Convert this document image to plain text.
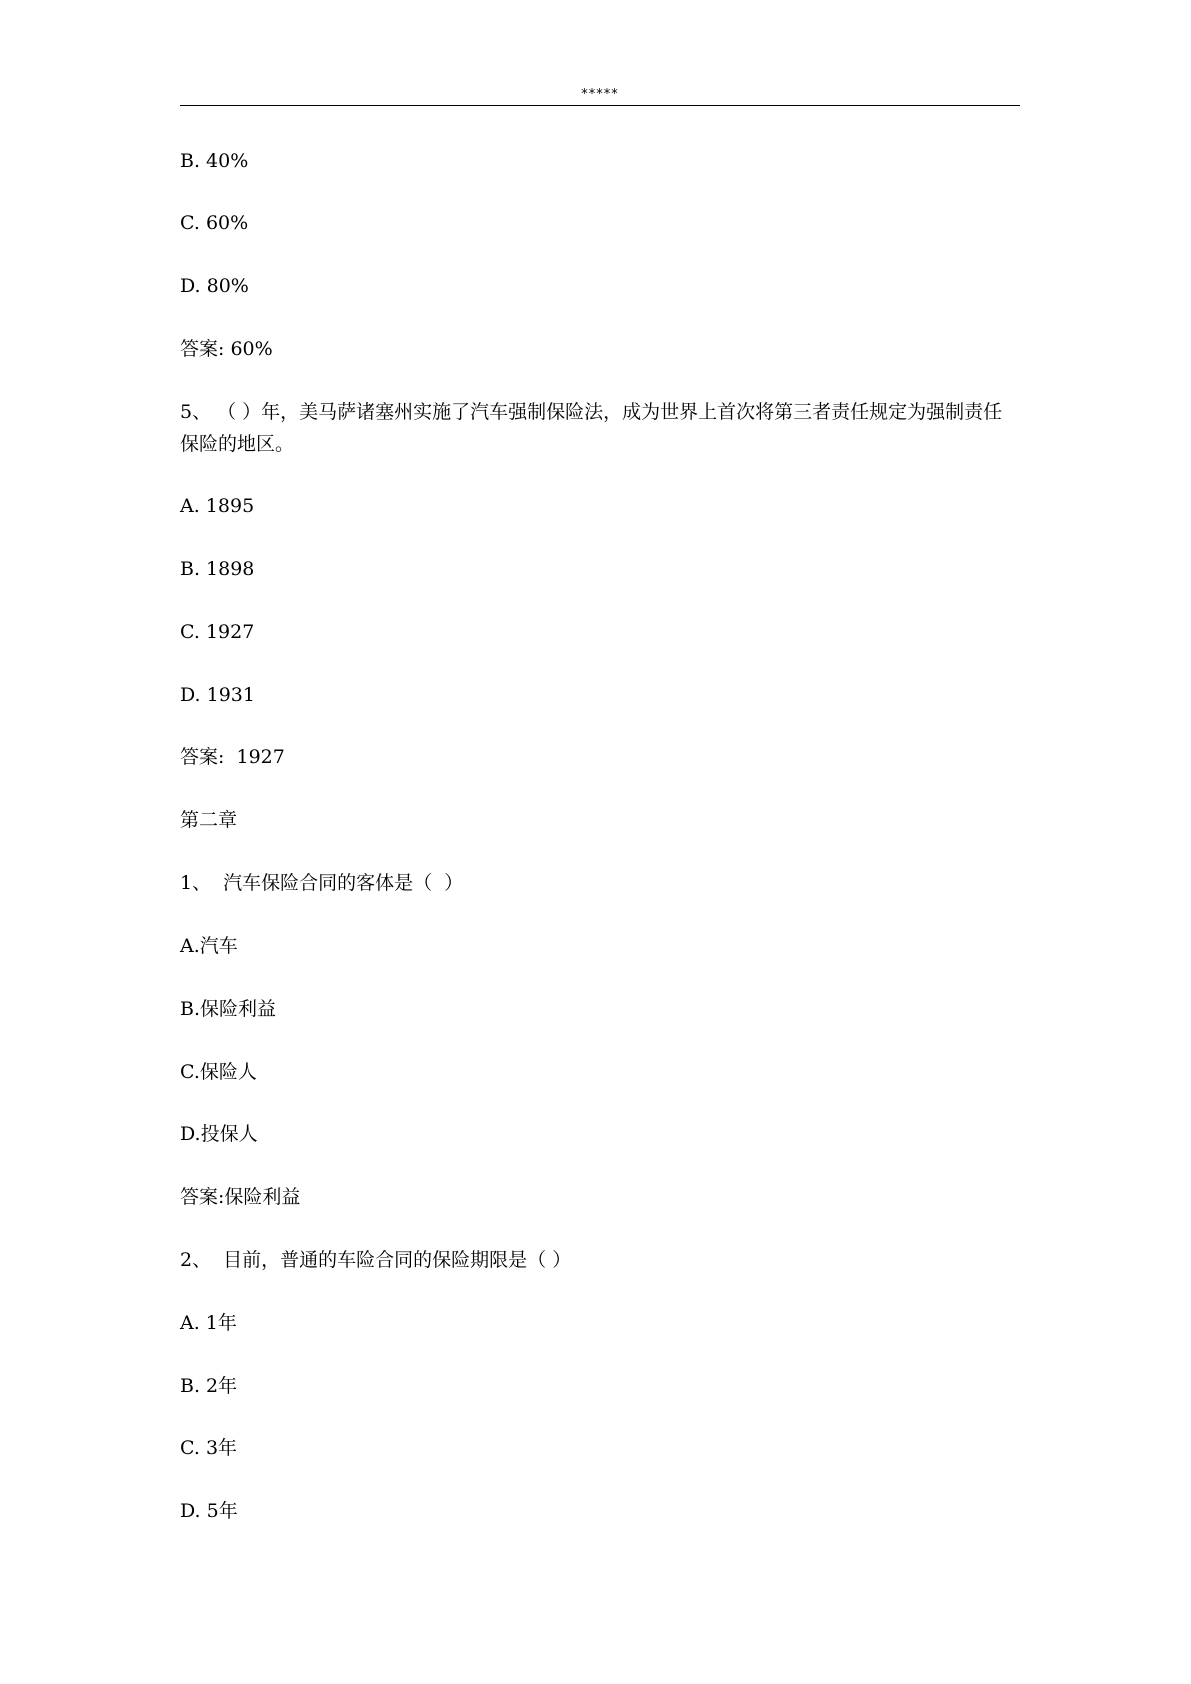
*****
B. 40%
C. 60%
D. 80%
答案: 60%
5、 （ ）年，美马萨诸塞州实施了汽车强制保险法，成为世界上首次将第三者责任规定为强制责任保险的地区。
A. 1895
B. 1898
C. 1927
D. 1931
答案:  1927
第二章
1、  汽车保险合同的客体是（  ）
A.汽车
B.保险利益
C.保险人
D.投保人
答案:保险利益
2、  目前，普通的车险合同的保险期限是（ ）
A. 1年
B. 2年
C. 3年
D. 5年
